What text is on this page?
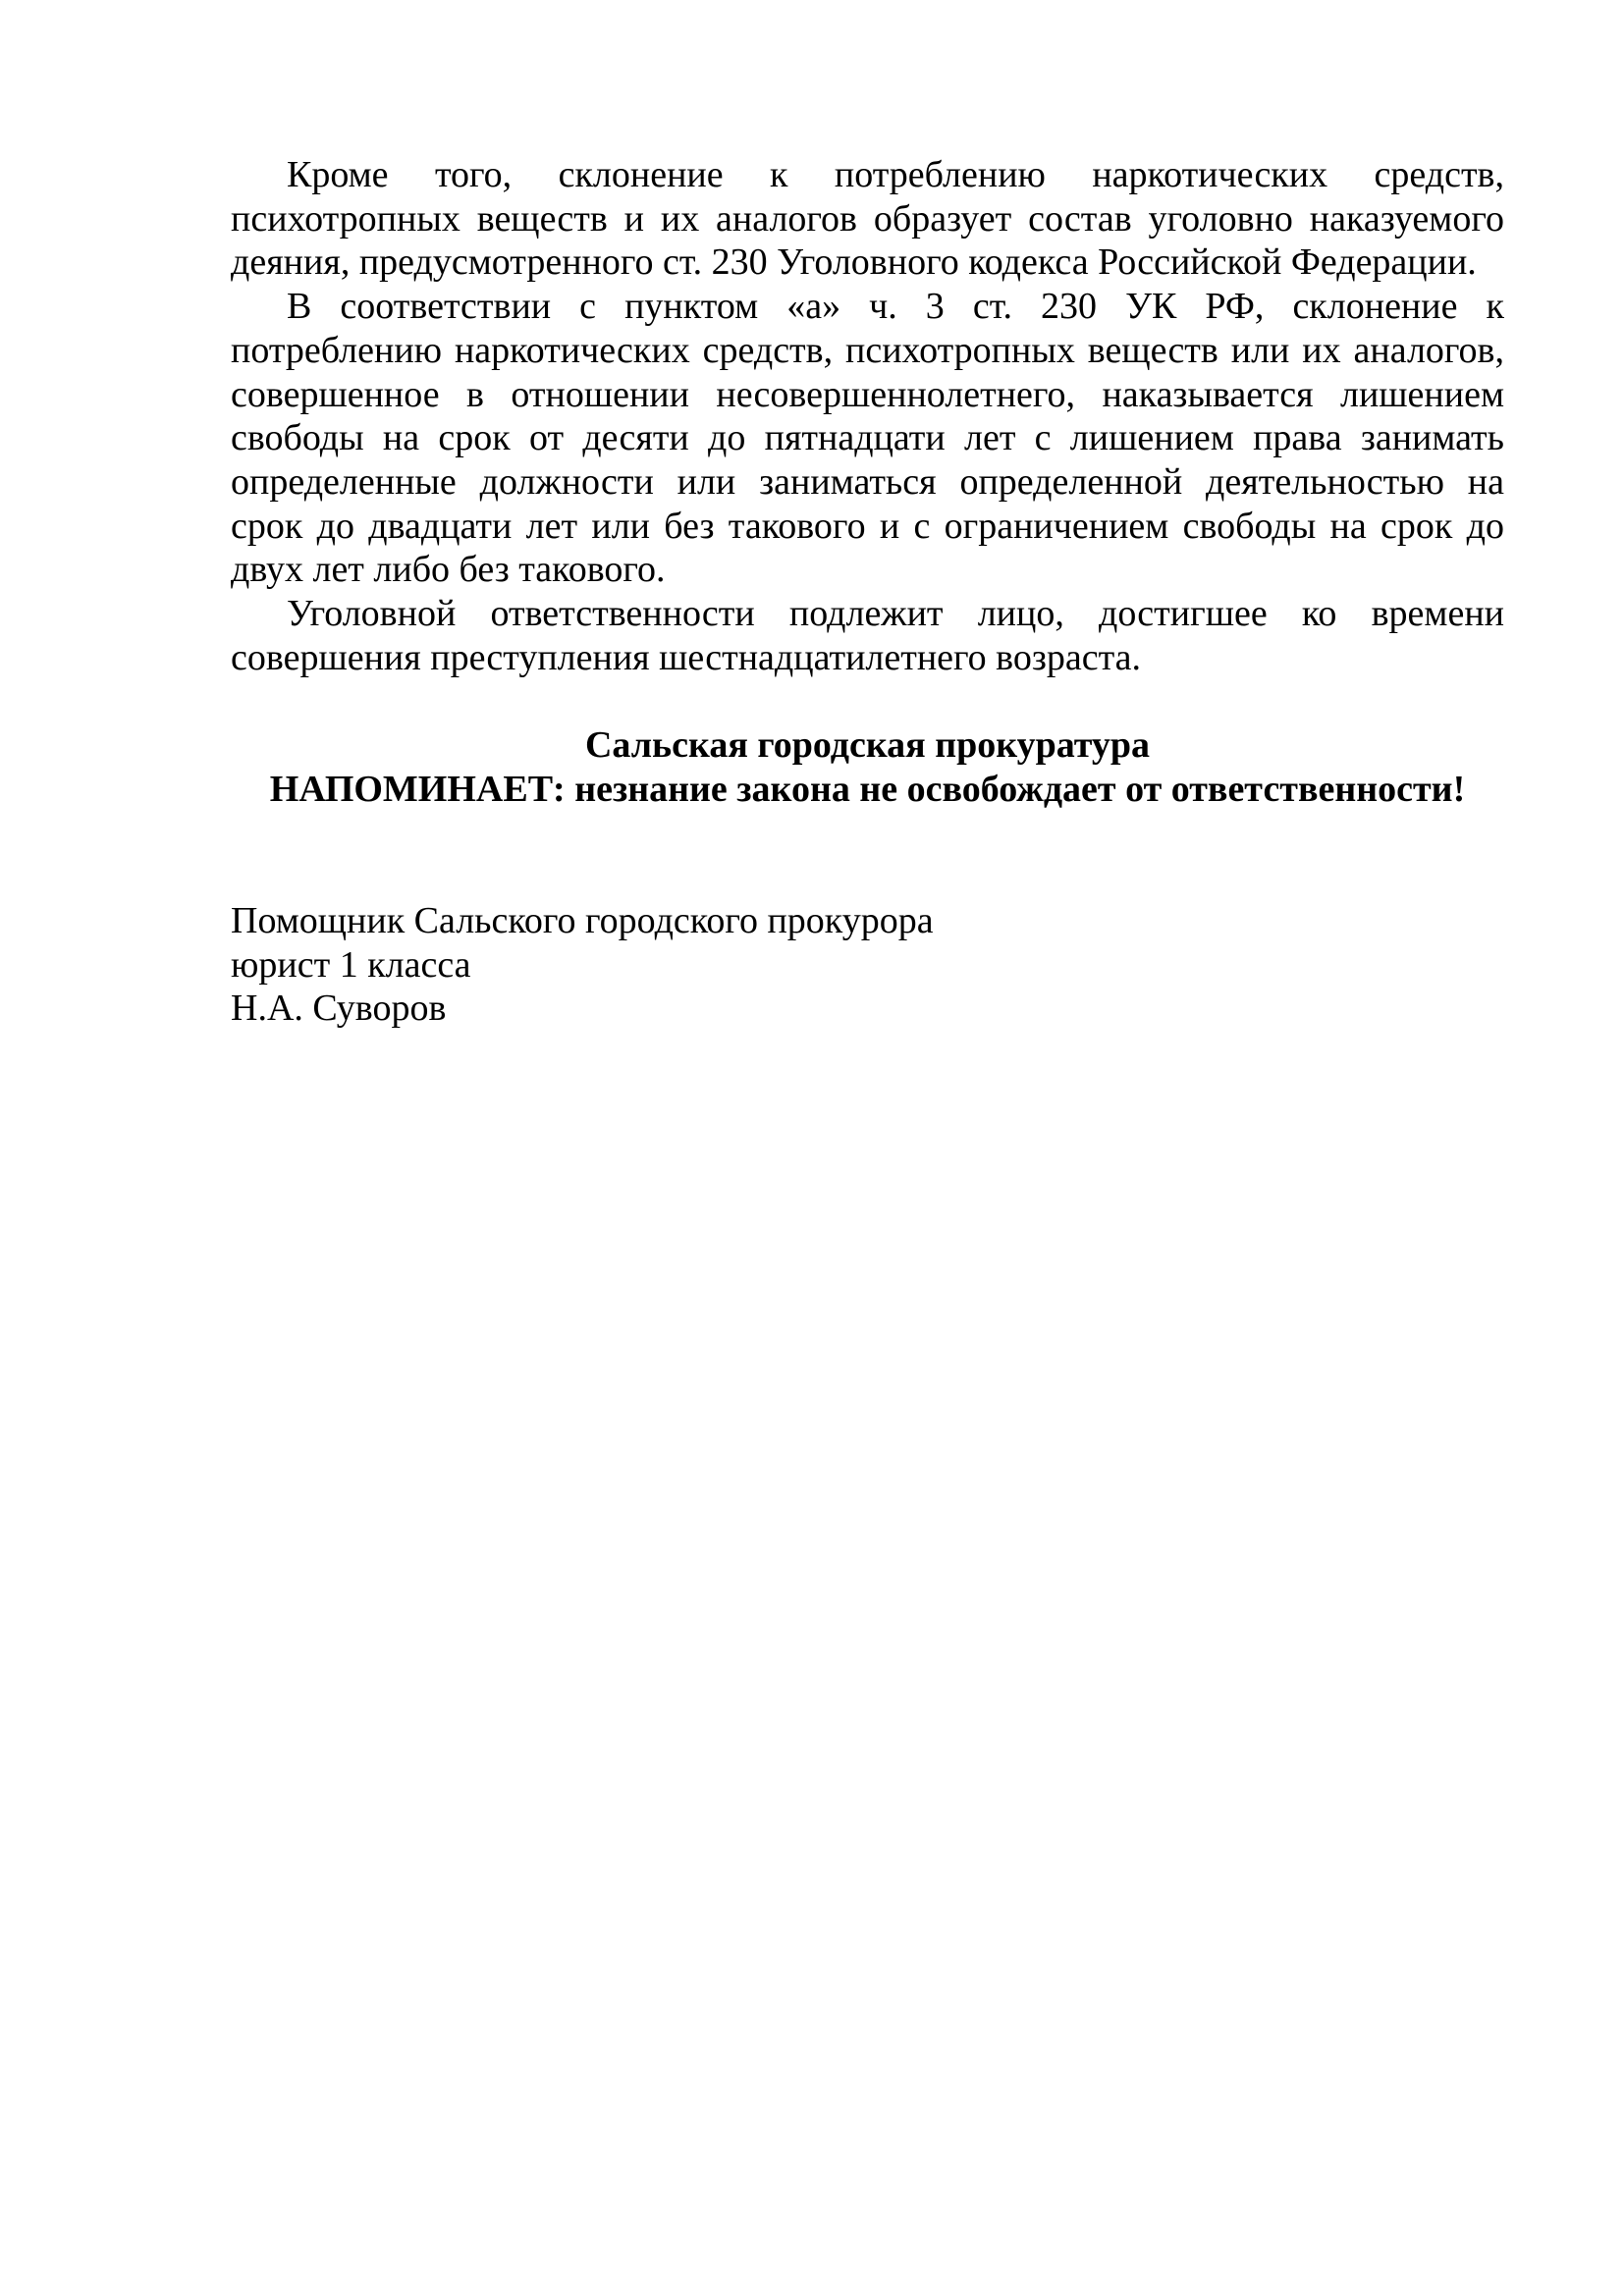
Кроме того, склонение к потреблению наркотических средств,
психотропных веществ и их аналогов образует состав уголовно наказуемого
деяния, предусмотренного ст. 230 Уголовного кодекса Российской Федерации.
В соответствии с пунктом «а» ч. 3 ст. 230 УК РФ, склонение к
потреблению наркотических средств, психотропных веществ или их аналогов,
совершенное в отношении несовершеннолетнего, наказывается лишением
свободы на срок от десяти до пятнадцати лет с лишением права занимать
определенные должности или заниматься определенной деятельностью на
срок до двадцати лет или без такового и с ограничением свободы на срок до
двух лет либо без такового.
Уголовной ответственности подлежит лицо, достигшее ко времени
совершения преступления шестнадцатилетнего возраста.
Сальская городская прокуратура
НАПОМИНАЕТ: незнание закона не освобождает от ответственности!
Помощник Сальского городского прокурора
юрист 1 класса
Н.А. Суворов
